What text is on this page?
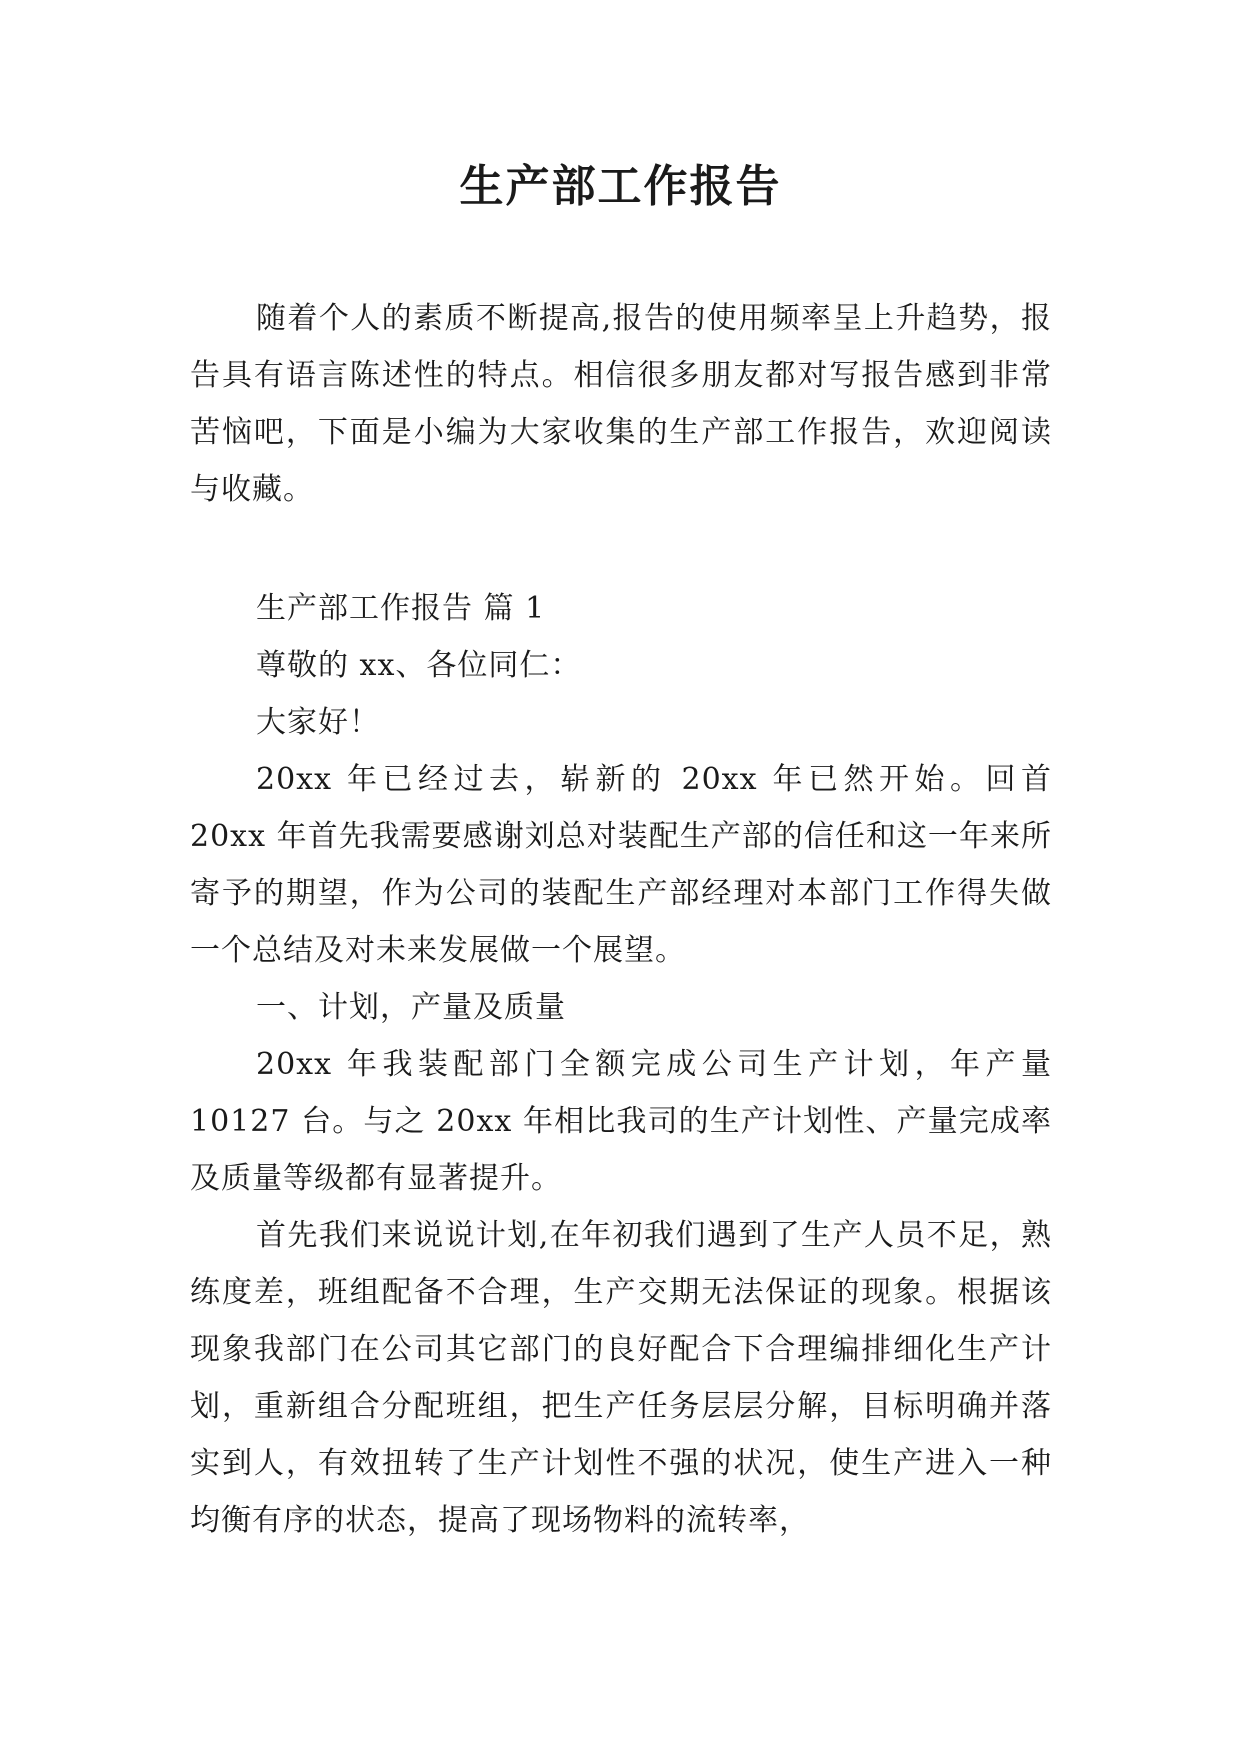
生产部工作报告

随着个人的素质不断提高,报告的使用频率呈上升趋势，报告具有语言陈述性的特点。相信很多朋友都对写报告感到非常苦恼吧，下面是小编为大家收集的生产部工作报告，欢迎阅读与收藏。

生产部工作报告 篇 1

尊敬的 xx、各位同仁：

大家好！

20xx 年已经过去，崭新的 20xx 年已然开始。回首 20xx 年首先我需要感谢刘总对装配生产部的信任和这一年来所寄予的期望，作为公司的装配生产部经理对本部门工作得失做一个总结及对未来发展做一个展望。

一、计划，产量及质量

20xx 年我装配部门全额完成公司生产计划，年产量 10127 台。与之 20xx 年相比我司的生产计划性、产量完成率及质量等级都有显著提升。

首先我们来说说计划,在年初我们遇到了生产人员不足，熟练度差，班组配备不合理，生产交期无法保证的现象。根据该现象我部门在公司其它部门的良好配合下合理编排细化生产计划，重新组合分配班组，把生产任务层层分解，目标明确并落实到人，有效扭转了生产计划性不强的状况，使生产进入一种均衡有序的状态，提高了现场物料的流转率，
